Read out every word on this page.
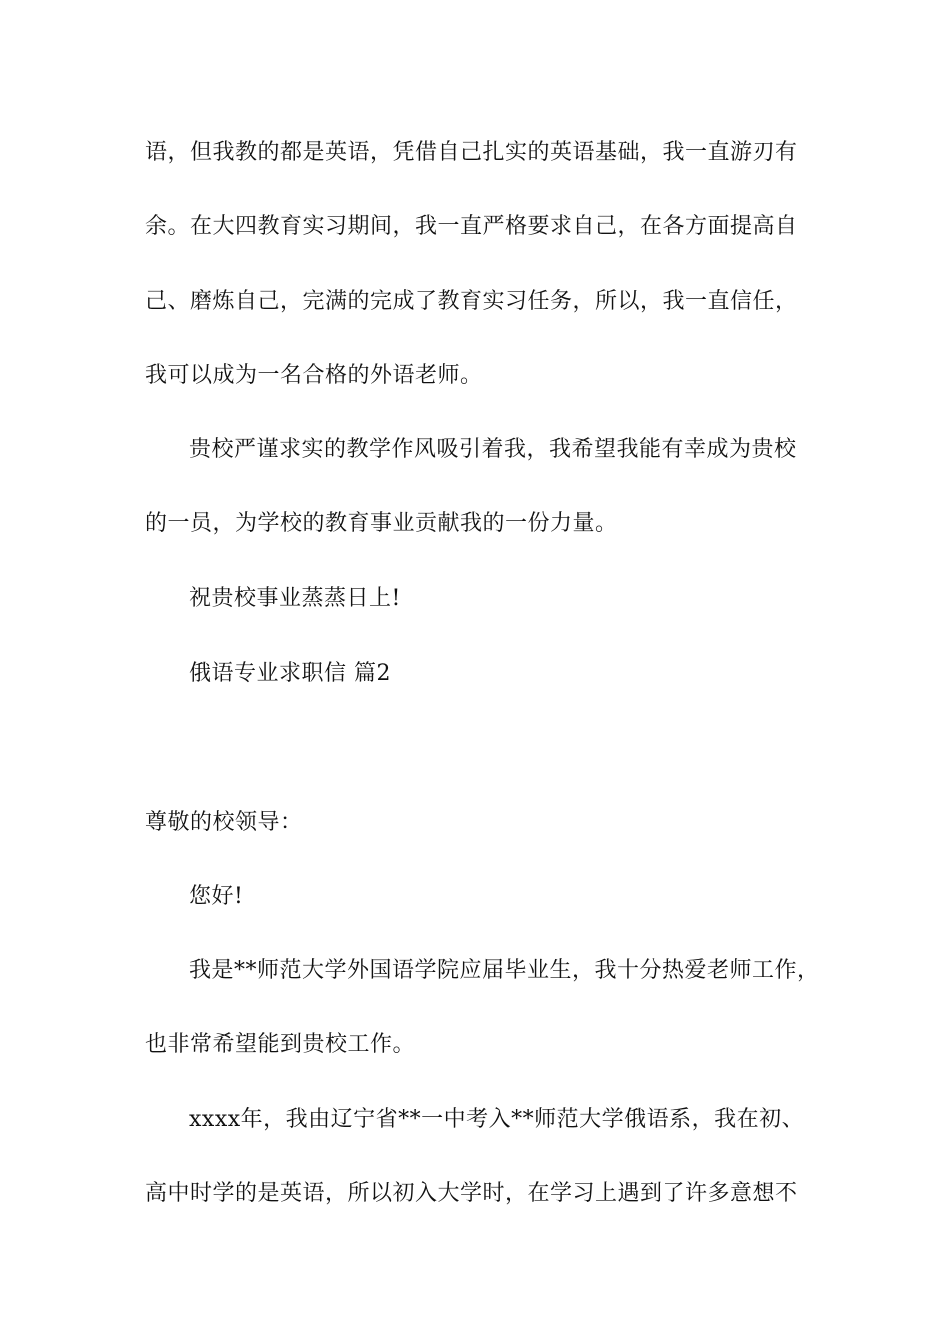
语，但我教的都是英语，凭借自己扎实的英语基础，我一直游刃有
余。在大四教育实习期间，我一直严格要求自己，在各方面提高自
己、磨炼自己，完满的完成了教育实习任务，所以，我一直信任，
我可以成为一名合格的外语老师。
贵校严谨求实的教学作风吸引着我，我希望我能有幸成为贵校
的一员，为学校的教育事业贡献我的一份力量。
祝贵校事业蒸蒸日上!
俄语专业求职信 篇2
尊敬的校领导：
您好!
我是**师范大学外国语学院应届毕业生，我十分热爱老师工作，
也非常希望能到贵校工作。
xxxx年，我由辽宁省**一中考入**师范大学俄语系，我在初、
高中时学的是英语，所以初入大学时，在学习上遇到了许多意想不
